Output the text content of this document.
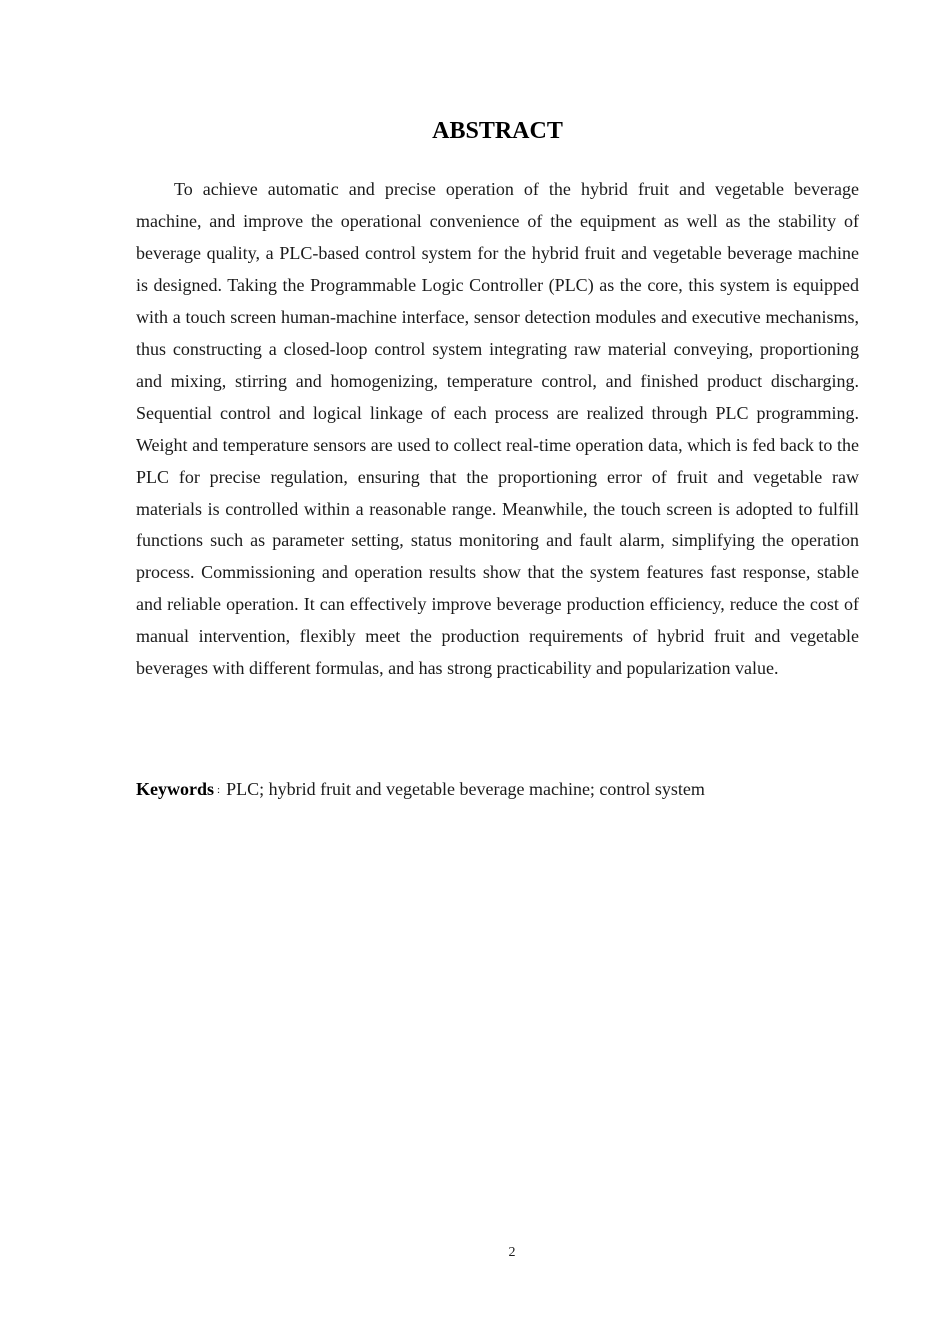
ABSTRACT

To achieve automatic and precise operation of the hybrid fruit and vegetable beverage machine, and improve the operational convenience of the equipment as well as the stability of beverage quality, a PLC-based control system for the hybrid fruit and vegetable beverage machine is designed. Taking the Programmable Logic Controller (PLC) as the core, this system is equipped with a touch screen human-machine interface, sensor detection modules and executive mechanisms, thus constructing a closed-loop control system integrating raw material conveying, proportioning and mixing, stirring and homogenizing, temperature control, and finished product discharging. Sequential control and logical linkage of each process are realized through PLC programming. Weight and temperature sensors are used to collect real-time operation data, which is fed back to the PLC for precise regulation, ensuring that the proportioning error of fruit and vegetable raw materials is controlled within a reasonable range. Meanwhile, the touch screen is adopted to fulfill functions such as parameter setting, status monitoring and fault alarm, simplifying the operation process. Commissioning and operation results show that the system features fast response, stable and reliable operation. It can effectively improve beverage production efficiency, reduce the cost of manual intervention, flexibly meet the production requirements of hybrid fruit and vegetable beverages with different formulas, and has strong practicability and popularization value.

Keywords : PLC; hybrid fruit and vegetable beverage machine; control system

2
